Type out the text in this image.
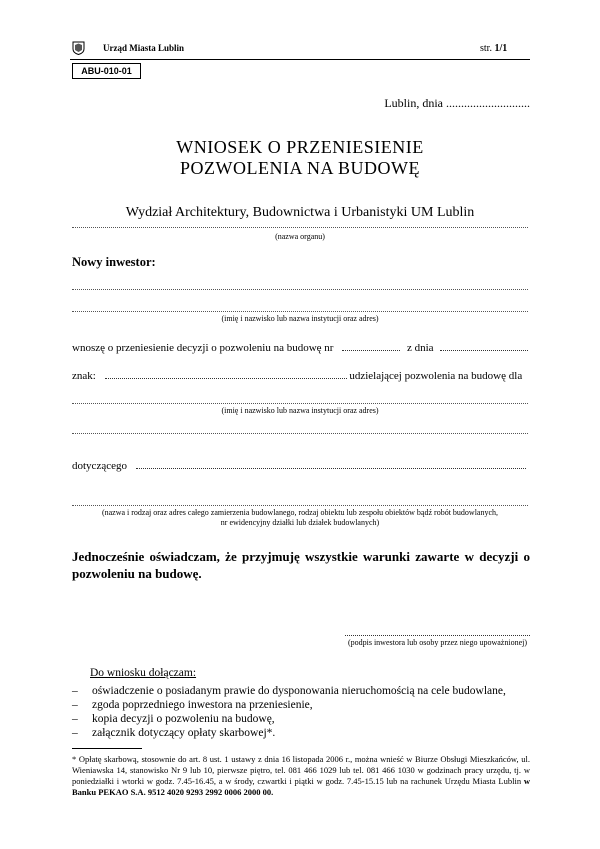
Urząd Miasta Lublin	str. 1/1
ABU-010-01
Lublin, dnia ............................
WNIOSEK O PRZENIESIENIE
POZWOLENIA NA BUDOWĘ
Wydział Architektury, Budownictwa i Urbanistyki UM Lublin
(nazwa organu)
Nowy inwestor:
(imię i nazwisko lub nazwa instytucji oraz adres)
wnoszę o przeniesienie decyzji o pozwoleniu na budowę nr	z dnia
znak:	udzielającej pozwolenia na budowę dla
(imię i nazwisko lub nazwa instytucji oraz adres)
dotyczącego
(nazwa i rodzaj oraz adres całego zamierzenia budowlanego, rodzaj obiektu lub zespołu obiektów bądź robót budowlanych,
nr ewidencyjny działki lub działek budowlanych)
Jednocześnie oświadczam, że przyjmuję wszystkie warunki zawarte w decyzji o pozwoleniu na budowę.
(podpis inwestora lub osoby przez niego upoważnionej)
Do wniosku dołączam:
– oświadczenie o posiadanym prawie do dysponowania nieruchomością na cele budowlane,
– zgoda poprzedniego inwestora na przeniesienie,
– kopia decyzji o pozwoleniu na budowę,
– załącznik dotyczący opłaty skarbowej*.
* Opłatę skarbową, stosownie do art. 8 ust. 1 ustawy z dnia 16 listopada 2006 r., można wnieść w Biurze Obsługi Mieszkańców, ul. Wieniawska 14, stanowisko Nr 9 lub 10, pierwsze piętro, tel. 081 466 1029 lub tel. 081 466 1030 w godzinach pracy urzędu, tj. w poniedziałki i wtorki w godz. 7.45-16.45, a w środy, czwartki i piątki w godz. 7.45-15.15 lub na rachunek Urzędu Miasta Lublin w Banku PEKAO S.A. 9512 4020 9293 2992 0006 2000 00.
